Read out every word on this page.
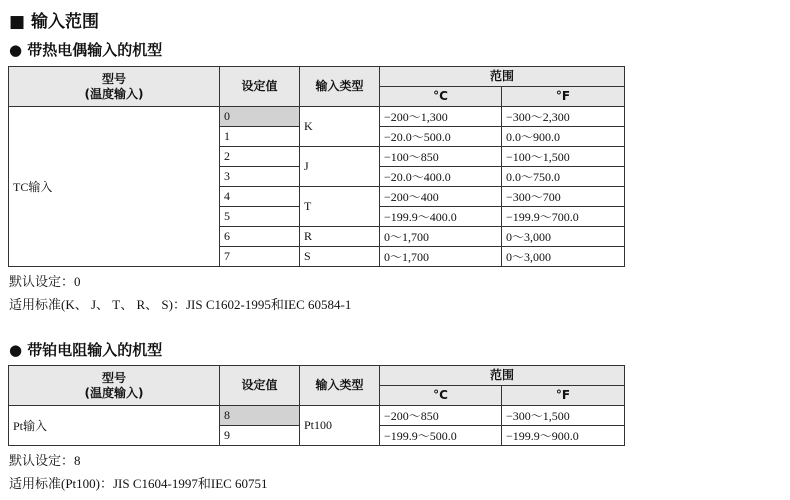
■ 输入范围
● 带热电偶输入的机型
型号
(温度输入)	设定值	输入类型	范围	
			°C	°F
TC输入	0	K	−200～1,300	−300～2,300
	1		−20.0～500.0	0.0～900.0
	2	J	−100～850	−100～1,500
	3		−20.0～400.0	0.0～750.0
	4	T	−200～400	−300～700
	5		−199.9～400.0	−199.9～700.0
	6	R	0～1,700	0～3,000
	7	S	0～1,700	0～3,000
默认设定：0
适用标准(K、 J、 T、 R、 S)：JIS C1602-1995和IEC 60584-1
● 带铂电阻输入的机型
型号
(温度输入)	设定值	输入类型	范围	
			°C	°F
Pt输入	8	Pt100	−200～850	−300～1,500
	9		−199.9～500.0	−199.9～900.0
默认设定：8
适用标准(Pt100)：JIS C1604-1997和IEC 60751
